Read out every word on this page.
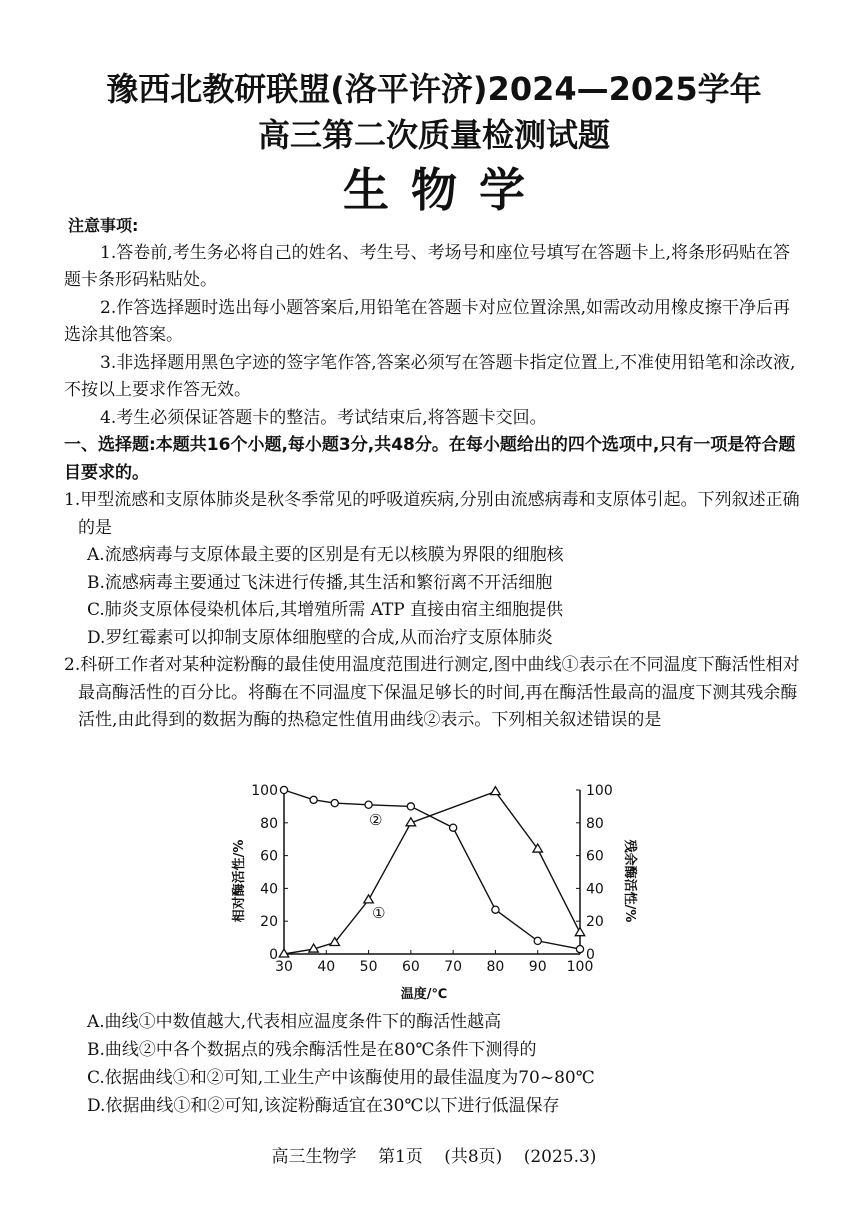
豫西北教研联盟(洛平许济)2024—2025学年
高三第二次质量检测试题
生物学
注意事项:
1.答卷前,考生务必将自己的姓名、考生号、考场号和座位号填写在答题卡上,将条形码贴在答题卡条形码粘贴处。
2.作答选择题时选出每小题答案后,用铅笔在答题卡对应位置涂黑,如需改动用橡皮擦干净后再选涂其他答案。
3.非选择题用黑色字迹的签字笔作答,答案必须写在答题卡指定位置上,不准使用铅笔和涂改液,不按以上要求作答无效。
4.考生必须保证答题卡的整洁。考试结束后,将答题卡交回。
一、选择题:本题共16个小题,每小题3分,共48分。在每小题给出的四个选项中,只有一项是符合题目要求的。
1.甲型流感和支原体肺炎是秋冬季常见的呼吸道疾病,分别由流感病毒和支原体引起。下列叙述正确的是
A.流感病毒与支原体最主要的区别是有无以核膜为界限的细胞核
B.流感病毒主要通过飞沫进行传播,其生活和繁衍离不开活细胞
C.肺炎支原体侵染机体后,其增殖所需 ATP 直接由宿主细胞提供
D.罗红霉素可以抑制支原体细胞壁的合成,从而治疗支原体肺炎
2.科研工作者对某种淀粉酶的最佳使用温度范围进行测定,图中曲线①表示在不同温度下酶活性相对最高酶活性的百分比。将酶在不同温度下保温足够长的时间,再在酶活性最高的温度下测其残余酶活性,由此得到的数据为酶的热稳定性值用曲线②表示。下列相关叙述错误的是
30 40 50 60 70 80 90 100
0	0
20	20
40	40
60	60
80	80
100	100
相对酶活性/%	残余酶活性/%
①
②
温度/℃
A.曲线①中数值越大,代表相应温度条件下的酶活性越高
B.曲线②中各个数据点的残余酶活性是在80℃条件下测得的
C.依据曲线①和②可知,工业生产中该酶使用的最佳温度为70~80℃
D.依据曲线①和②可知,该淀粉酶适宜在30℃以下进行低温保存
高三生物学 第1页 (共8页) (2025.3)
